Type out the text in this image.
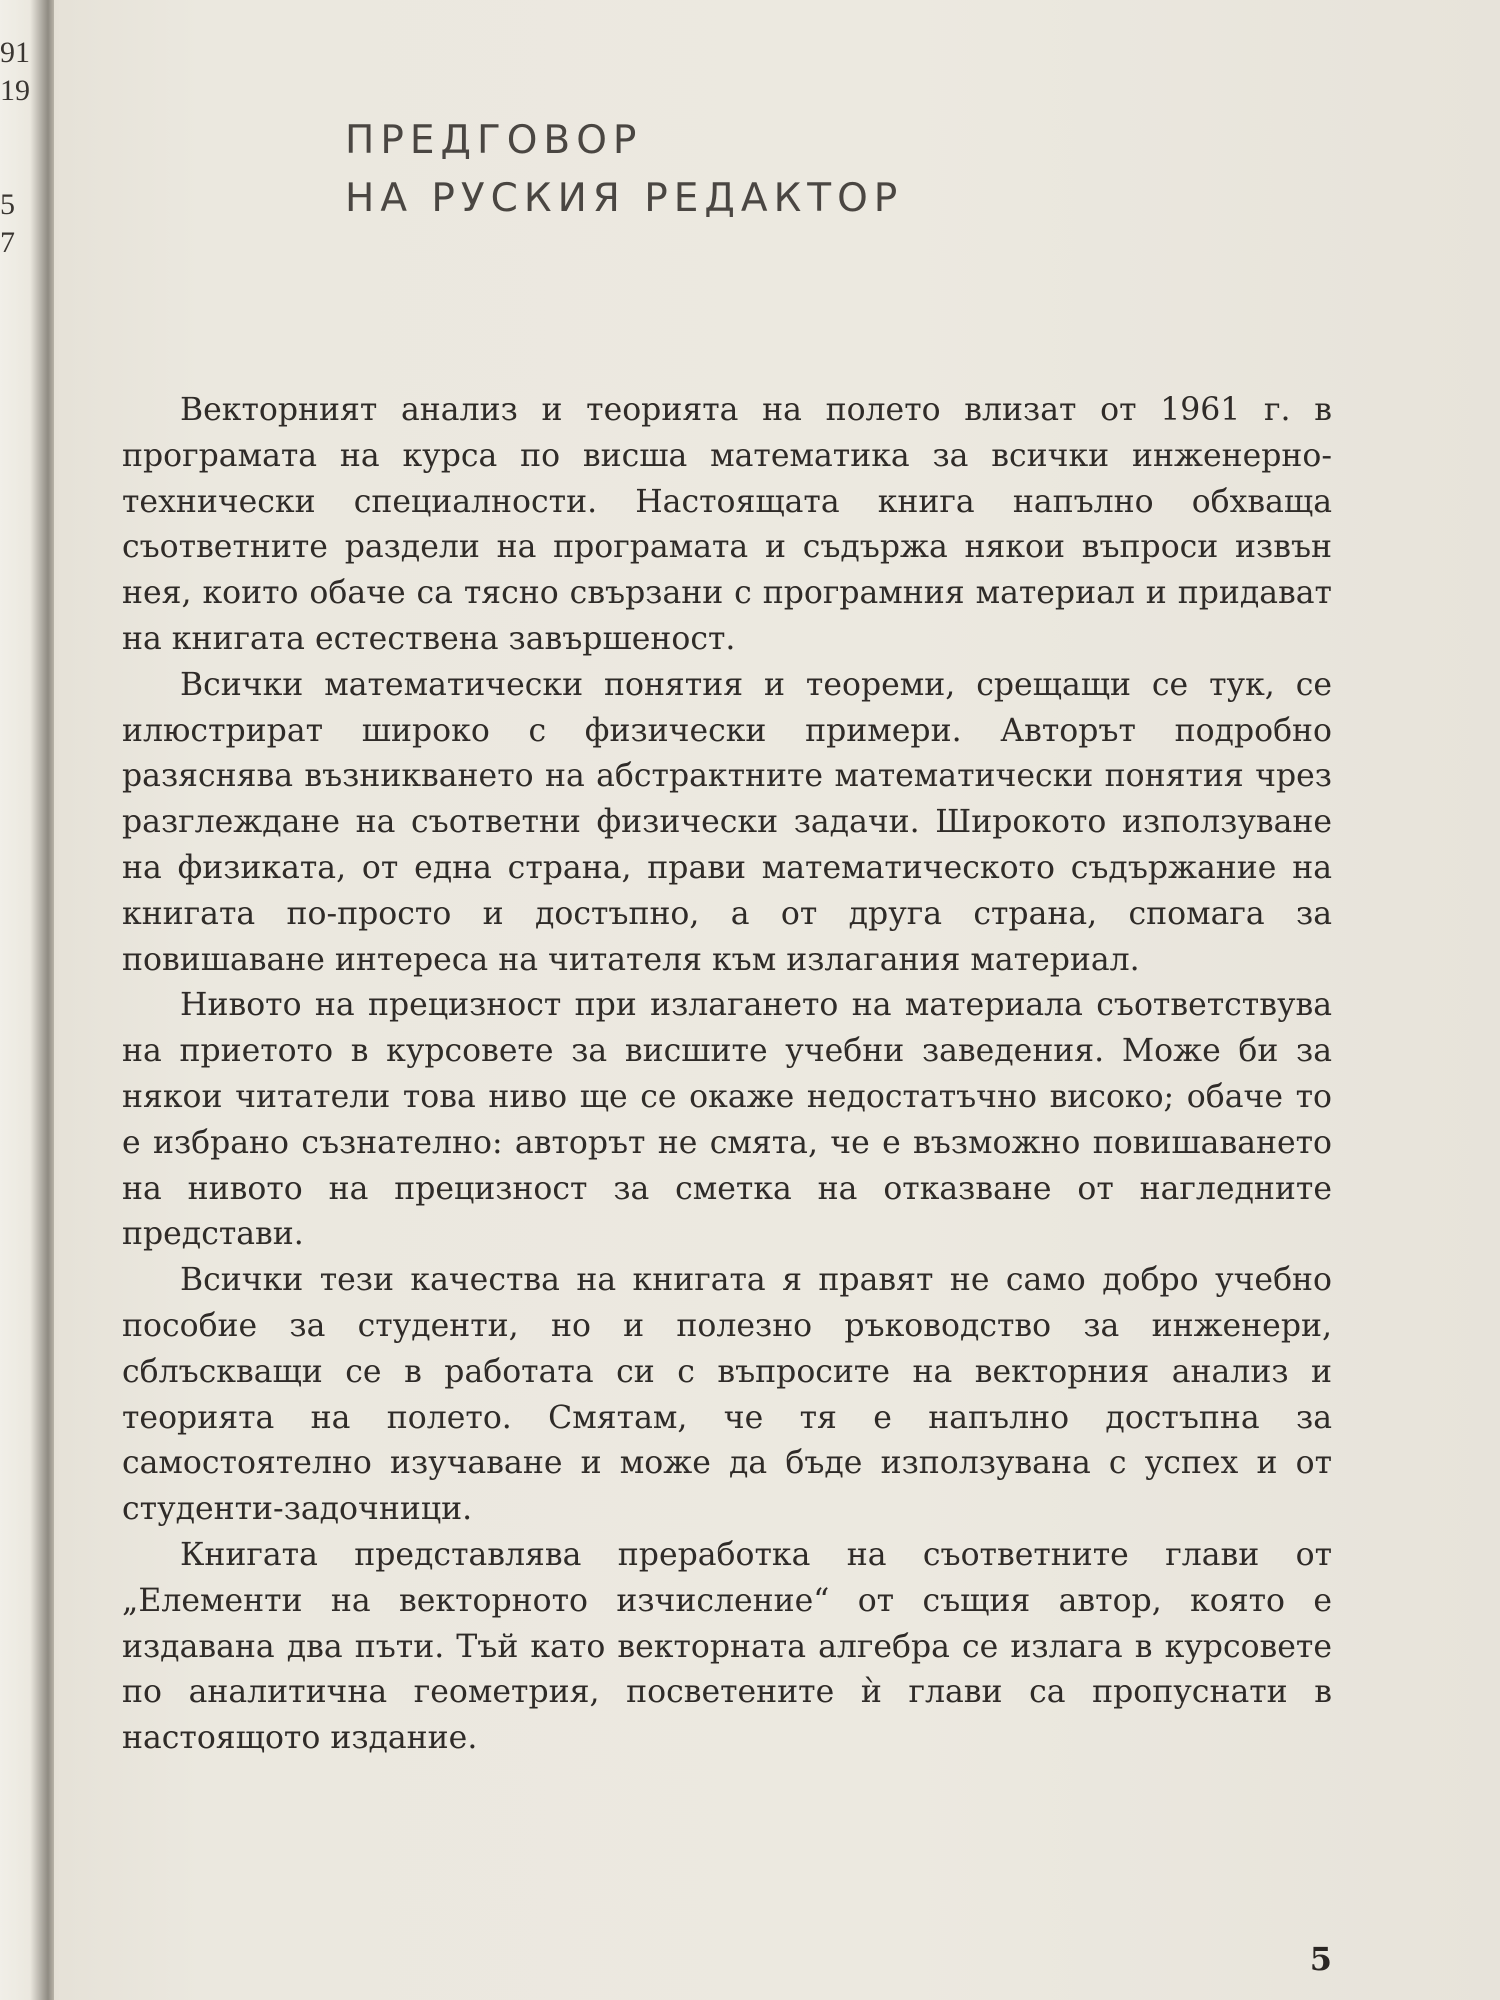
91
19
5
7
ПРЕДГОВОР
НА РУСКИЯ РЕДАКТОР

Векторният анализ и теорията на полето влизат от 1961 г. в програмата на курса по висша математика за всички инженерно-технически специалности. Настоящата книга напълно обхваща съответните раздели на програмата и съдържа някои въпроси извън нея, които обаче са тясно свързани с програмния материал и придават на книгата естествена завършеност.

Всички математически понятия и теореми, срещащи се тук, се илюстрират широко с физически примери. Авторът подробно разяснява възникването на абстрактните математически понятия чрез разглеждане на съответни физически задачи. Широкото използуване на физиката, от една страна, прави математическото съдържание на книгата по-просто и достъпно, а от друга страна, спомага за повишаване интереса на читателя към излагания материал.

Нивото на прецизност при излагането на материала съответствува на приетото в курсовете за висшите учебни заведения. Може би за някои читатели това ниво ще се окаже недостатъчно високо; обаче то е избрано съзнателно: авторът не смята, че е възможно повишаването на нивото на прецизност за сметка на отказване от нагледните представи.

Всички тези качества на книгата я правят не само добро учебно пособие за студенти, но и полезно ръководство за инженери, сблъскващи се в работата си с въпросите на векторния анализ и теорията на полето. Смятам, че тя е напълно достъпна за самостоятелно изучаване и може да бъде използувана с успех и от студенти-задочници.

Книгата представлява преработка на съответните глави от „Елементи на векторното изчисление“ от същия автор, която е издавана два пъти. Тъй като векторната алгебра се излага в курсовете по аналитична геометрия, посветените ѝ глави са пропуснати в настоящото издание.

5
